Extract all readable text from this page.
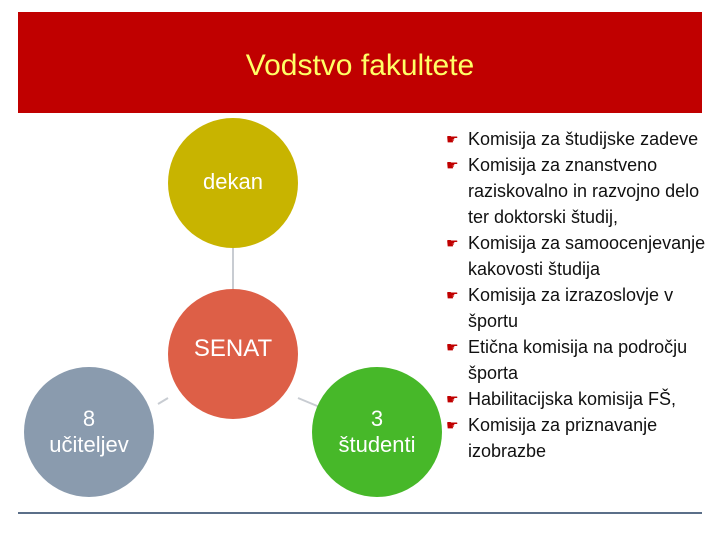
Vodstvo fakultete
dekan
SENAT
8
učiteljev
3
študenti
☛ Komisija za študijske zadeve
☛ Komisija za znanstveno raziskovalno in razvojno delo ter doktorski študij,
☛ Komisija za samoocenjevanje kakovosti študija
☛ Komisija za izrazoslovje v športu
☛ Etična komisija na področju športa
☛ Habilitacijska komisija FŠ,
☛ Komisija za priznavanje izobrazbe
